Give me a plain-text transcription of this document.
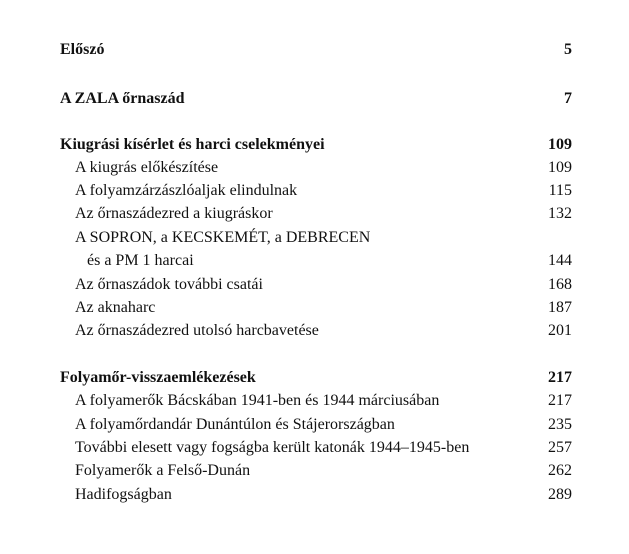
Előszó	5
A ZALA őrnaszád	7
Kiugrási kísérlet és harci cselekményei	109
A kiugrás előkészítése	109
A folyamzárzászlóaljak elindulnak	115
Az őrnaszádezred a kiugráskor	132
A SOPRON, a KECSKEMÉT, a DEBRECEN
és a PM 1 harcai	144
Az őrnaszádok további csatái	168
Az aknaharc	187
Az őrnaszádezred utolsó harcbavetése	201
Folyamőr-visszaemlékezések	217
A folyamerők Bácskában 1941-ben és 1944 márciusában	217
A folyamőrdandár Dunántúlon és Stájerországban	235
További elesett vagy fogságba került katonák 1944–1945-ben	257
Folyamerők a Felső-Dunán	262
Hadifogságban	289
